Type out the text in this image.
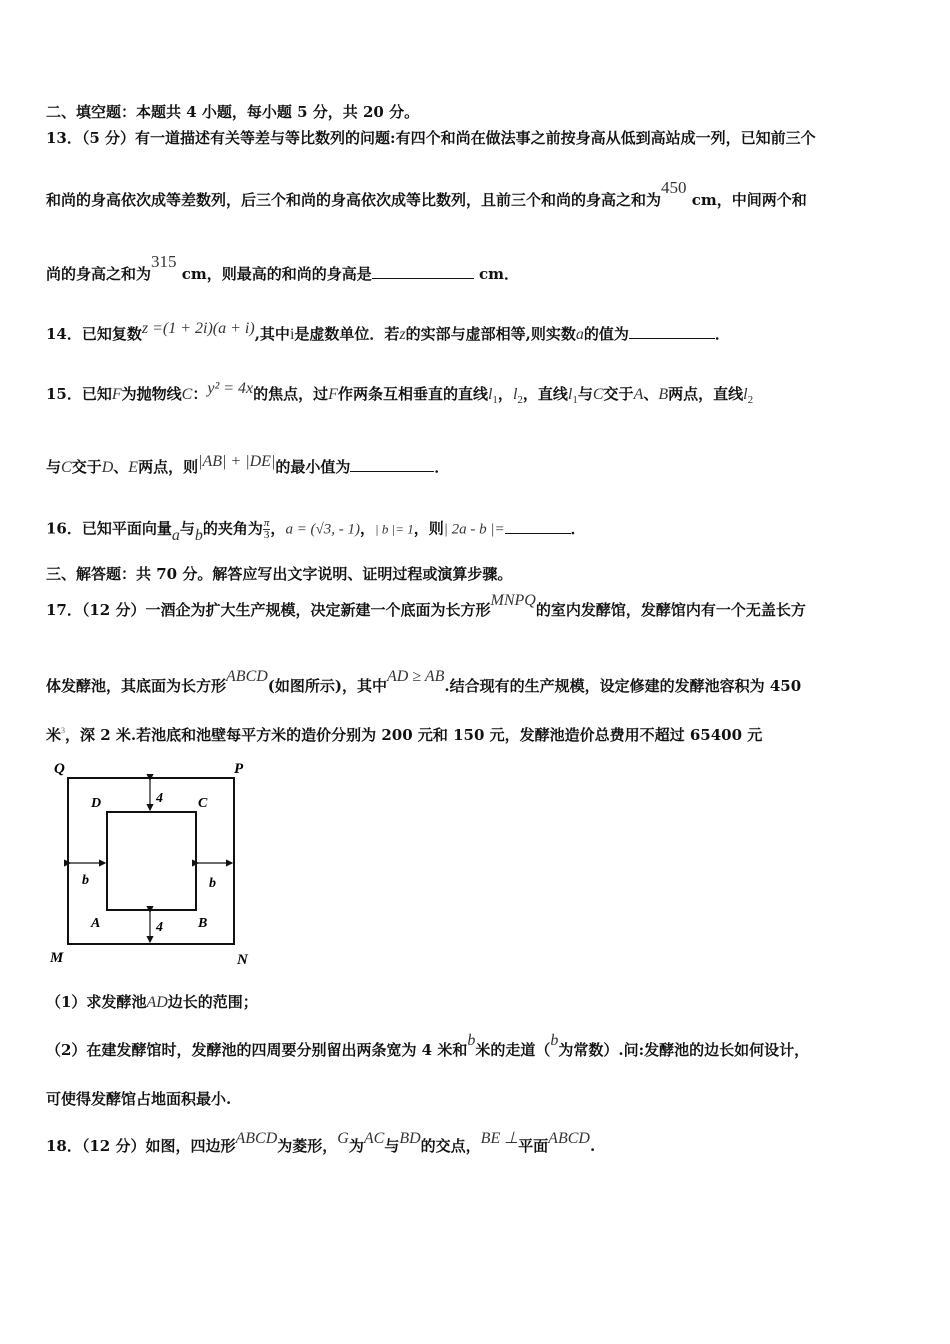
二、填空题：本题共 4 小题，每小题 5 分，共 20 分。
13．（5 分）有一道描述有关等差与等比数列的问题:有四个和尚在做法事之前按身高从低到高站成一列，已知前三个
和尚的身高依次成等差数列，后三个和尚的身高依次成等比数列，且前三个和尚的身高之和为450 cm，中间两个和
尚的身高之和为315 cm，则最高的和尚的身高是	cm．
14．已知复数z =(1 + 2i)(a + i),其中i是虚数单位．若z的实部与虚部相等,则实数a的值为	．
15．已知F为抛物线C：y² = 4x的焦点，过F作两条互相垂直的直线$l_1$，$l_2$，直线$l_1$与C交于A、B两点，直线$l_2$
与C交于D、E两点，则|AB| + |DE|的最小值为	．
16．已知平面向量a与b的夹角为 $\frac{\pi}{3}$ ，a = (√3, - 1)，| b |= 1，则| 2a - b |=	．
三、解答题：共 70 分。解答应写出文字说明、证明过程或演算步骤。
17．（12 分）一酒企为扩大生产规模，决定新建一个底面为长方形MNPQ的室内发酵馆，发酵馆内有一个无盖长方
体发酵池，其底面为长方形ABCD(如图所示)，其中AD ≥ AB.结合现有的生产规模，设定修建的发酵池容积为 450
米$^3$，深 2 米.若池底和池壁每平方米的造价分别为 200 元和 150 元，发酵池造价总费用不超过 65400 元
Q	P
M	N
D	C
A	B
4
4
b	b
（1）求发酵池AD边长的范围；
（2）在建发酵馆时，发酵池的四周要分别留出两条宽为 4 米和b米的走道（b为常数）.问:发酵池的边长如何设计，
可使得发酵馆占地面积最小.
18．（12 分）如图，四边形ABCD为菱形，G为AC与BD的交点，BE ⊥平面ABCD.
